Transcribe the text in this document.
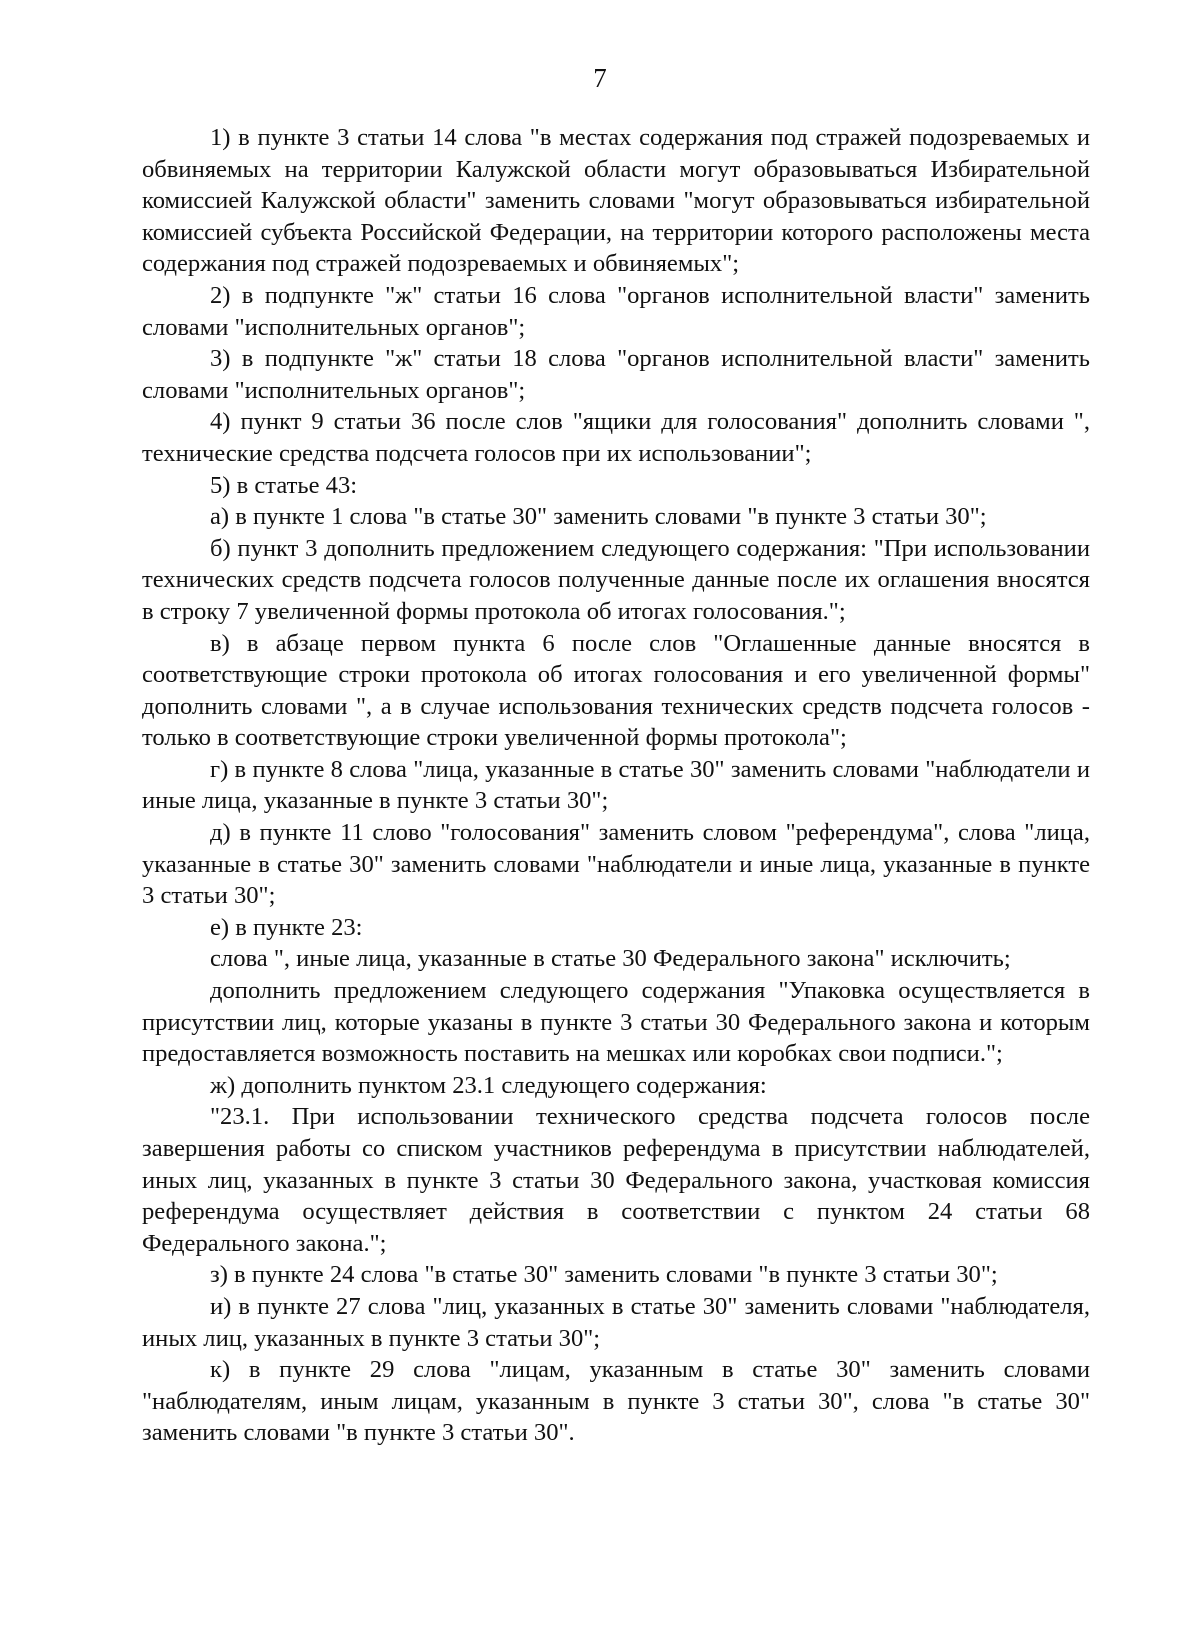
7

1) в пункте 3 статьи 14 слова "в местах содержания под стражей подозреваемых и обвиняемых на территории Калужской области могут образовываться Избирательной комиссией Калужской области" заменить словами "могут образовываться избирательной комиссией субъекта Российской Федерации, на территории которого расположены места содержания под стражей подозреваемых и обвиняемых";

2) в подпункте "ж" статьи 16 слова "органов исполнительной власти" заменить словами "исполнительных органов";

3) в подпункте "ж" статьи 18 слова "органов исполнительной власти" заменить словами "исполнительных органов";

4) пункт 9 статьи 36 после слов "ящики для голосования" дополнить словами ", технические средства подсчета голосов при их использовании";

5) в статье 43:

а) в пункте 1 слова "в статье 30" заменить словами "в пункте 3 статьи 30";

б) пункт 3 дополнить предложением следующего содержания: "При использовании технических средств подсчета голосов полученные данные после их оглашения вносятся в строку 7 увеличенной формы протокола об итогах голосования.";

в) в абзаце первом пункта 6 после слов "Оглашенные данные вносятся в соответствующие строки протокола об итогах голосования и его увеличенной формы" дополнить словами ", а в случае использования технических средств подсчета голосов - только в соответствующие строки увеличенной формы протокола";

г) в пункте 8 слова "лица, указанные в статье 30" заменить словами "наблюдатели и иные лица, указанные в пункте 3 статьи 30";

д) в пункте 11 слово "голосования" заменить словом "референдума", слова "лица, указанные в статье 30" заменить словами "наблюдатели и иные лица, указанные в пункте 3 статьи 30";

е) в пункте 23:

слова ", иные лица, указанные в статье 30 Федерального закона" исключить;

дополнить предложением следующего содержания "Упаковка осуществляется в присутствии лиц, которые указаны в пункте 3 статьи 30 Федерального закона и которым предоставляется возможность поставить на мешках или коробках свои подписи.";

ж) дополнить пунктом 23.1 следующего содержания:

"23.1. При использовании технического средства подсчета голосов после завершения работы со списком участников референдума в присутствии наблюдателей, иных лиц, указанных в пункте 3 статьи 30 Федерального закона, участковая комиссия референдума осуществляет действия в соответствии с пунктом 24 статьи 68 Федерального закона.";

з) в пункте 24 слова "в статье 30" заменить словами "в пункте 3 статьи 30";

и) в пункте 27 слова "лиц, указанных в статье 30" заменить словами "наблюдателя, иных лиц, указанных в пункте 3 статьи 30";

к) в пункте 29 слова "лицам, указанным в статье 30" заменить словами "наблюдателям, иным лицам, указанным в пункте 3 статьи 30", слова "в статье 30" заменить словами "в пункте 3 статьи 30".
